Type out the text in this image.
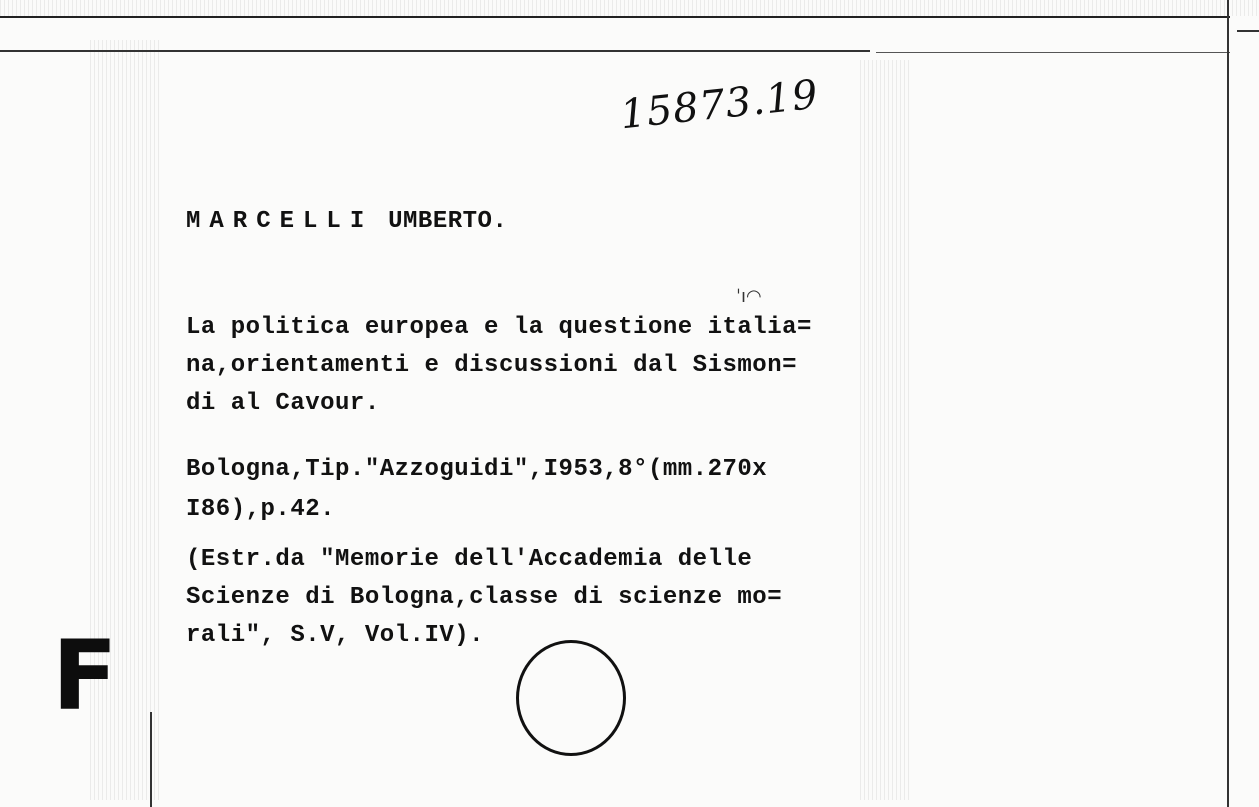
15873.19
MARCELLI UMBERTO.
ˈı◠
La politica europea e la questione italia=
na,orientamenti e discussioni dal Sismon=
di al Cavour.
Bologna,Tip."Azzoguidi",I953,8°(mm.270x
I86),p.42.
(Estr.da "Memorie dell'Accademia delle
Scienze di Bologna,classe di scienze mo=
rali", S.V, Vol.IV).
F
